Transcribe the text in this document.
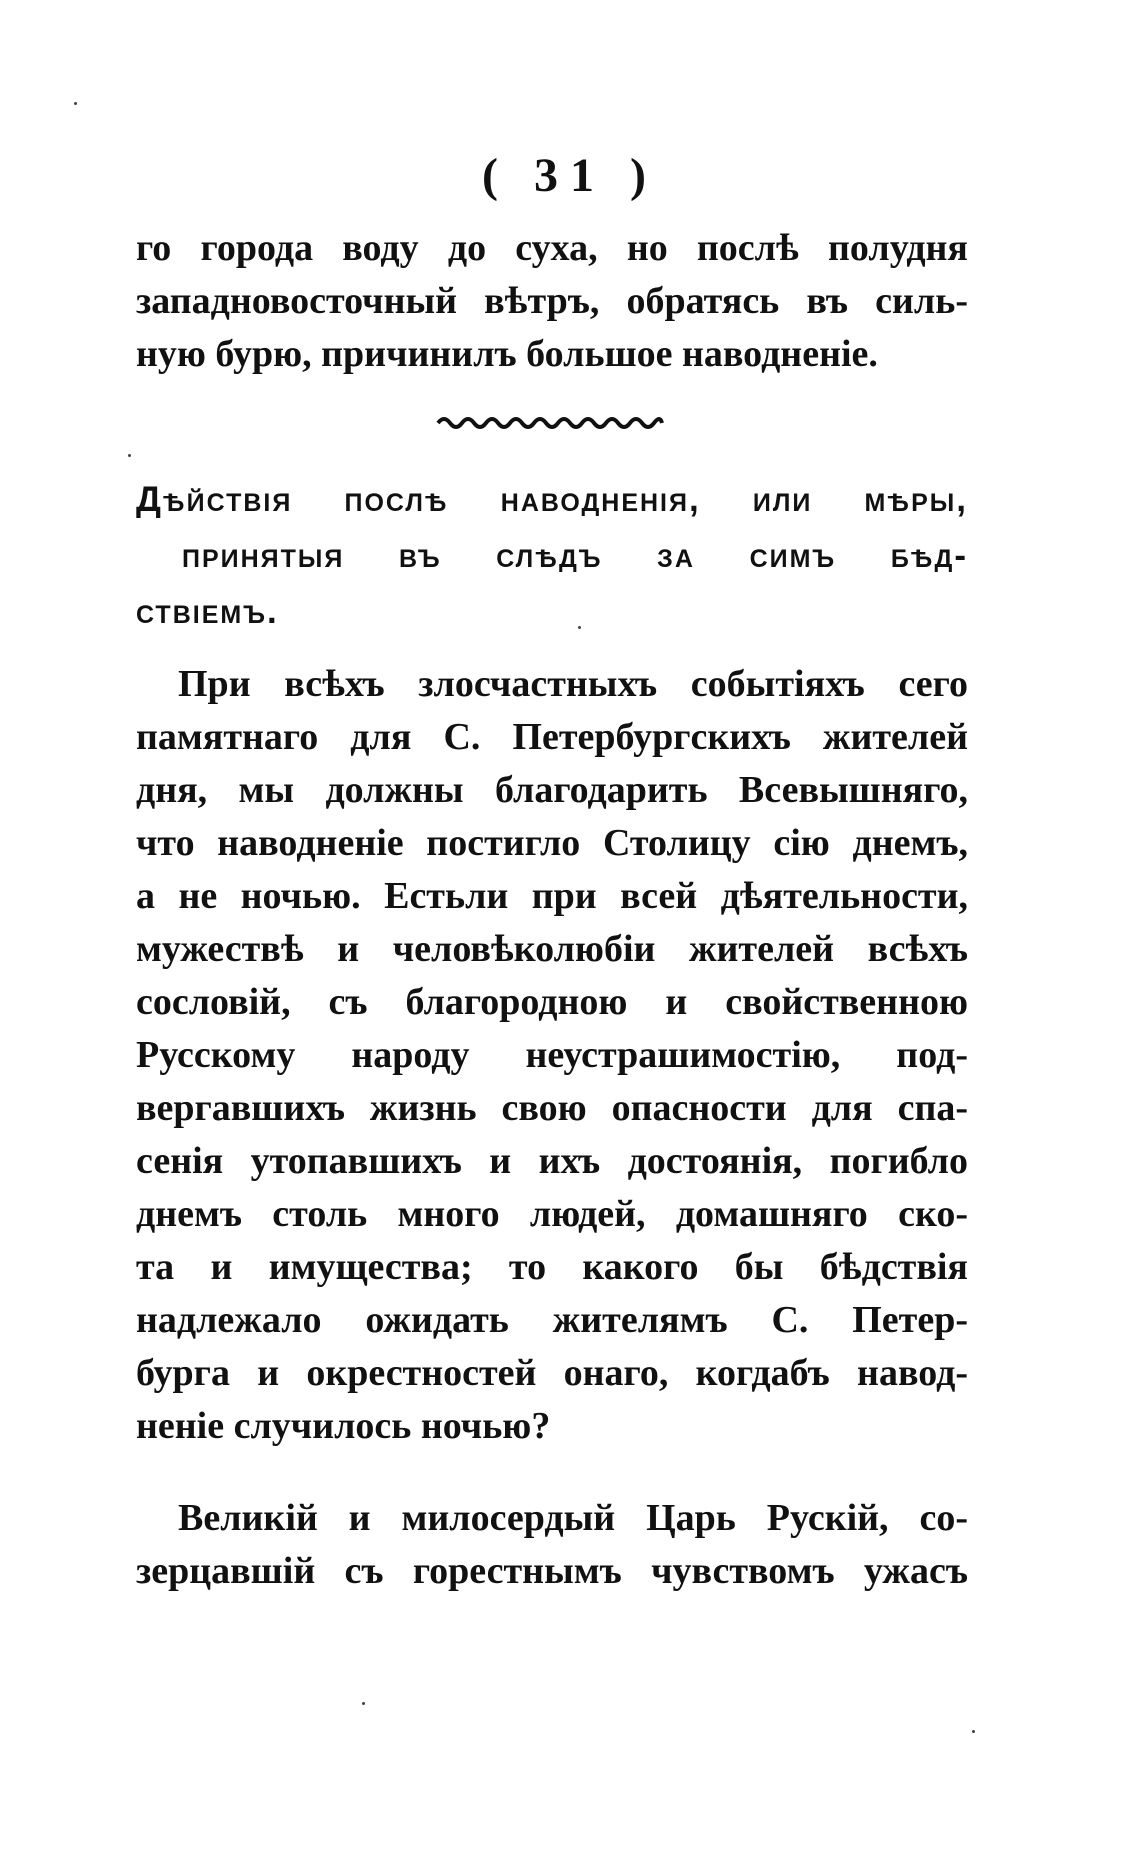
( 31 )
го города воду до суха, но послѣ полудня
западновосточный вѣтръ, обратясь въ силь-
ную бурю, причинилъ большое наводненіе.
Дѣйствія послѣ наводненія, или мѣры,
принятыя въ слѣдъ за симъ бѣд-
ствіемъ.
При всѣхъ злосчастныхъ событіяхъ сего
памятнаго для С. Петербургскихъ жителей
дня, мы должны благодарить Всевышняго,
что наводненіе постигло Столицу сію днемъ,
а не ночью. Естьли при всей дѣятельности,
мужествѣ и человѣколюбіи жителей всѣхъ
сословій, съ благородною и свойственною
Русскому народу неустрашимостію, под-
вергавшихъ жизнь свою опасности для спа-
сенія утопавшихъ и ихъ достоянія, погибло
днемъ столь много людей, домашняго ско-
та и имущества; то какого бы бѣдствія
надлежало ожидать жителямъ С. Петер-
бурга и окрестностей онаго, когдабъ навод-
неніе случилось ночью?
Великій и милосердый Царь Рускій, со-
зерцавшій съ горестнымъ чувствомъ ужасъ
